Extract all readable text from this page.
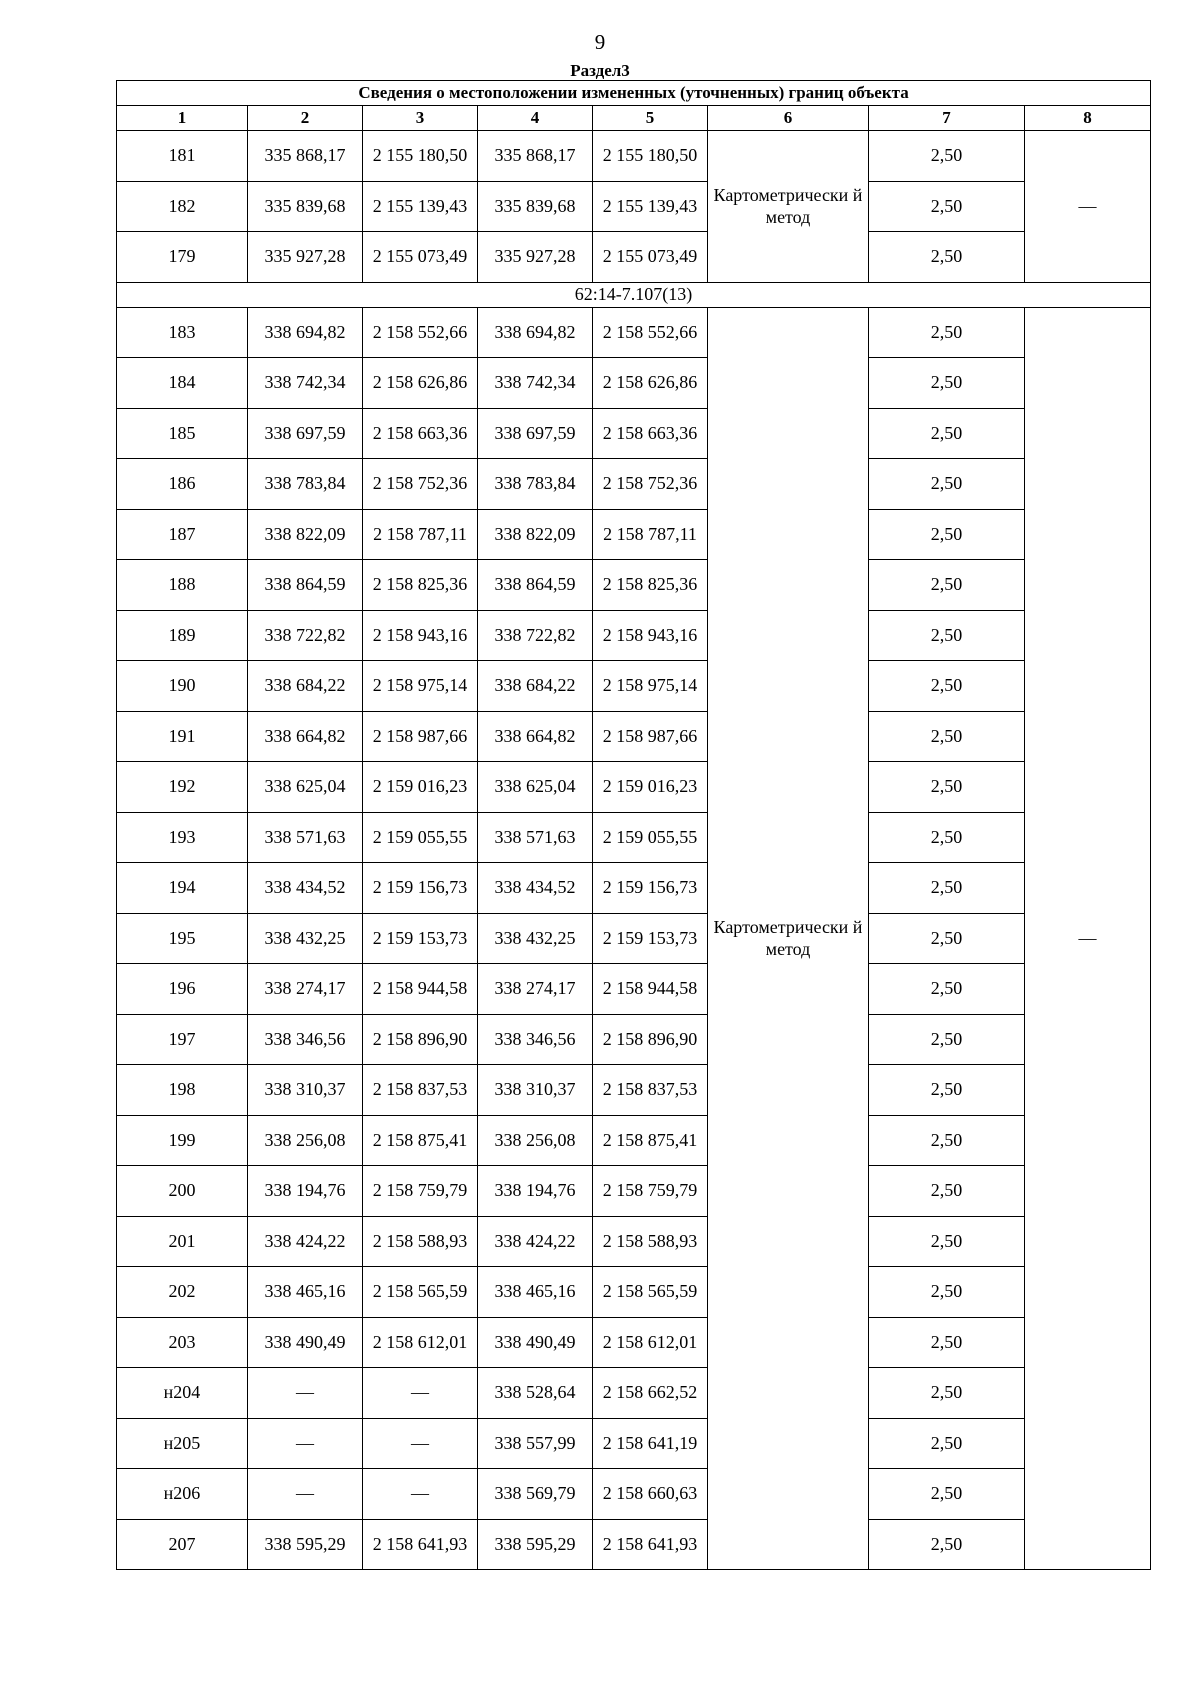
9
Раздел3
Сведения о местоположении измененных (уточненных) границ объекта							
1	2	3	4	5	6	7	8
181	335 868,17	2 155 180,50	335 868,17	2 155 180,50	Картометрически й метод	2,50	—
182	335 839,68	2 155 139,43	335 839,68	2 155 139,43		2,50	
179	335 927,28	2 155 073,49	335 927,28	2 155 073,49		2,50	
62:14-7.107(13)							
183	338 694,82	2 158 552,66	338 694,82	2 158 552,66	Картометрически й метод	2,50	—
184	338 742,34	2 158 626,86	338 742,34	2 158 626,86		2,50	
185	338 697,59	2 158 663,36	338 697,59	2 158 663,36		2,50	
186	338 783,84	2 158 752,36	338 783,84	2 158 752,36		2,50	
187	338 822,09	2 158 787,11	338 822,09	2 158 787,11		2,50	
188	338 864,59	2 158 825,36	338 864,59	2 158 825,36		2,50	
189	338 722,82	2 158 943,16	338 722,82	2 158 943,16		2,50	
190	338 684,22	2 158 975,14	338 684,22	2 158 975,14		2,50	
191	338 664,82	2 158 987,66	338 664,82	2 158 987,66		2,50	
192	338 625,04	2 159 016,23	338 625,04	2 159 016,23		2,50	
193	338 571,63	2 159 055,55	338 571,63	2 159 055,55		2,50	
194	338 434,52	2 159 156,73	338 434,52	2 159 156,73		2,50	
195	338 432,25	2 159 153,73	338 432,25	2 159 153,73		2,50	
196	338 274,17	2 158 944,58	338 274,17	2 158 944,58		2,50	
197	338 346,56	2 158 896,90	338 346,56	2 158 896,90		2,50	
198	338 310,37	2 158 837,53	338 310,37	2 158 837,53		2,50	
199	338 256,08	2 158 875,41	338 256,08	2 158 875,41		2,50	
200	338 194,76	2 158 759,79	338 194,76	2 158 759,79		2,50	
201	338 424,22	2 158 588,93	338 424,22	2 158 588,93		2,50	
202	338 465,16	2 158 565,59	338 465,16	2 158 565,59		2,50	
203	338 490,49	2 158 612,01	338 490,49	2 158 612,01		2,50	
н204	—	—	338 528,64	2 158 662,52		2,50	
н205	—	—	338 557,99	2 158 641,19		2,50	
н206	—	—	338 569,79	2 158 660,63		2,50	
207	338 595,29	2 158 641,93	338 595,29	2 158 641,93		2,50	
